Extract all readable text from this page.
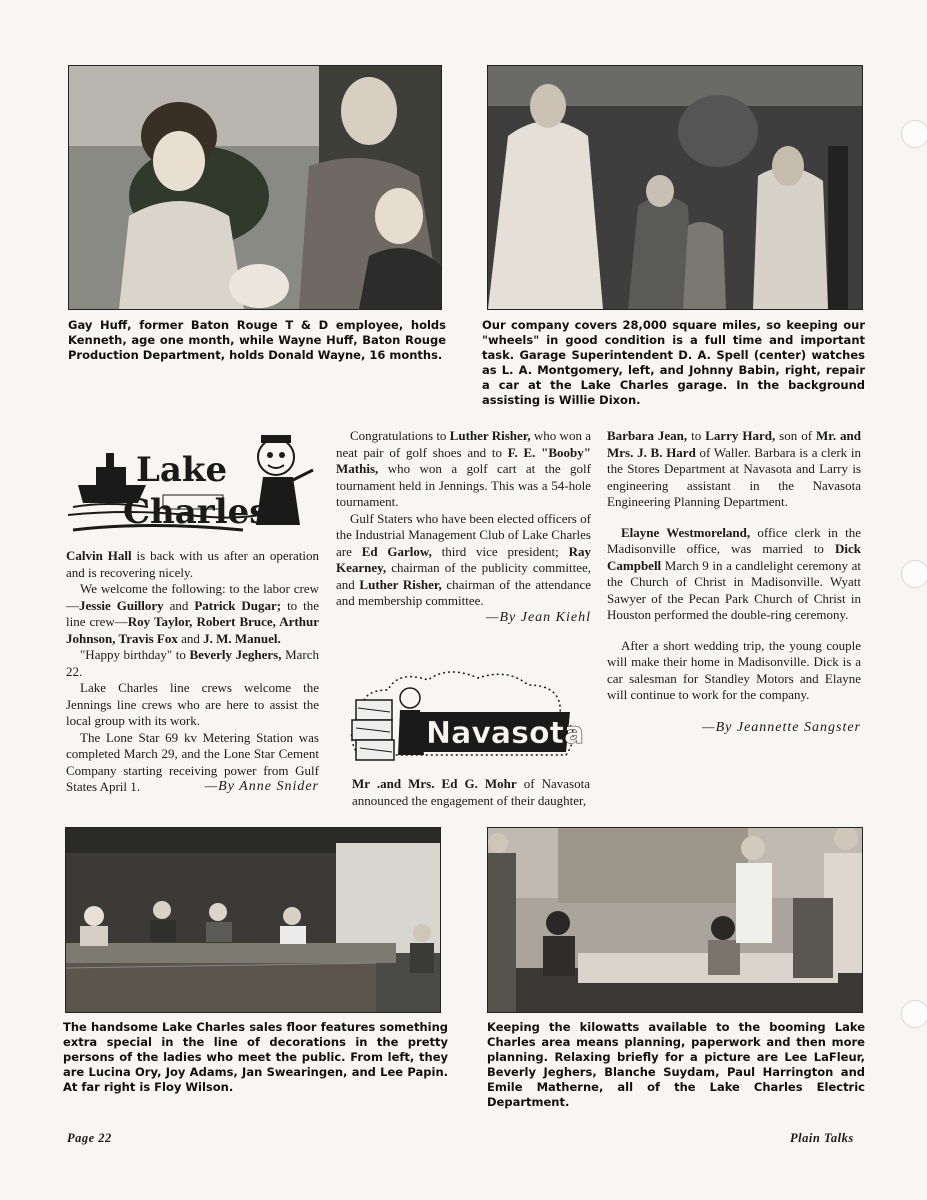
Gay Huff, former Baton Rouge T & D employee, holds Kenneth, age one month, while Wayne Huff, Baton Rouge Production Department, holds Donald Wayne, 16 months.
Our company covers 28,000 square miles, so keeping our "wheels" in good condition is a full time and important task. Garage Superintendent D. A. Spell (center) watches as L. A. Montgomery, left, and Johnny Babin, right, repair a car at the Lake Charles garage. In the background assisting is Willie Dixon.
Lake
Charles

Calvin Hall is back with us after an operation and is recovering nicely.

We welcome the following: to the labor crew—Jessie Guillory and Patrick Dugar; to the line crew—Roy Taylor, Robert Bruce, Arthur Johnson, Travis Fox and J. M. Manuel.

"Happy birthday" to Beverly Jeghers, March 22.

Lake Charles line crews welcome the Jennings line crews who are here to assist the local group with its work.

The Lone Star 69 kv Metering Station was completed March 29, and the Lone Star Cement Company starting receiving power from Gulf States April 1.	—By Anne Snider

Congratulations to Luther Risher, who won a neat pair of golf shoes and to F. E. "Booby" Mathis, who won a golf cart at the golf tournament held in Jennings. This was a 54-hole tournament.

Gulf Staters who have been elected officers of the Industrial Management Club of Lake Charles are Ed Garlow, third vice president; Ray Kearney, chairman of the publicity committee, and Luther Risher, chairman of the attendance and membership committee.

—By Jean Kiehl
Navasota

Mr .and Mrs. Ed G. Mohr of Navasota announced the engagement of their daughter,

Barbara Jean, to Larry Hard, son of Mr. and Mrs. J. B. Hard of Waller. Barbara is a clerk in the Stores Department at Navasota and Larry is engineering assistant in the Navasota Engineering Planning Department.

Elayne Westmoreland, office clerk in the Madisonville office, was married to Dick Campbell March 9 in a candlelight ceremony at the Church of Christ in Madisonville. Wyatt Sawyer of the Pecan Park Church of Christ in Houston performed the double-ring ceremony.

After a short wedding trip, the young couple will make their home in Madisonville. Dick is a car salesman for Standley Motors and Elayne will continue to work for the company.

—By Jeannette Sangster
The handsome Lake Charles sales floor features something extra special in the line of decorations in the pretty persons of the ladies who meet the public. From left, they are Lucina Ory, Joy Adams, Jan Swearingen, and Lee Papin. At far right is Floy Wilson.
Keeping the kilowatts available to the booming Lake Charles area means planning, paperwork and then more planning. Relaxing briefly for a picture are Lee LaFleur, Beverly Jeghers, Blanche Suydam, Paul Harrington and Emile Matherne, all of the Lake Charles Electric Department.
Page 22	Plain Talks
